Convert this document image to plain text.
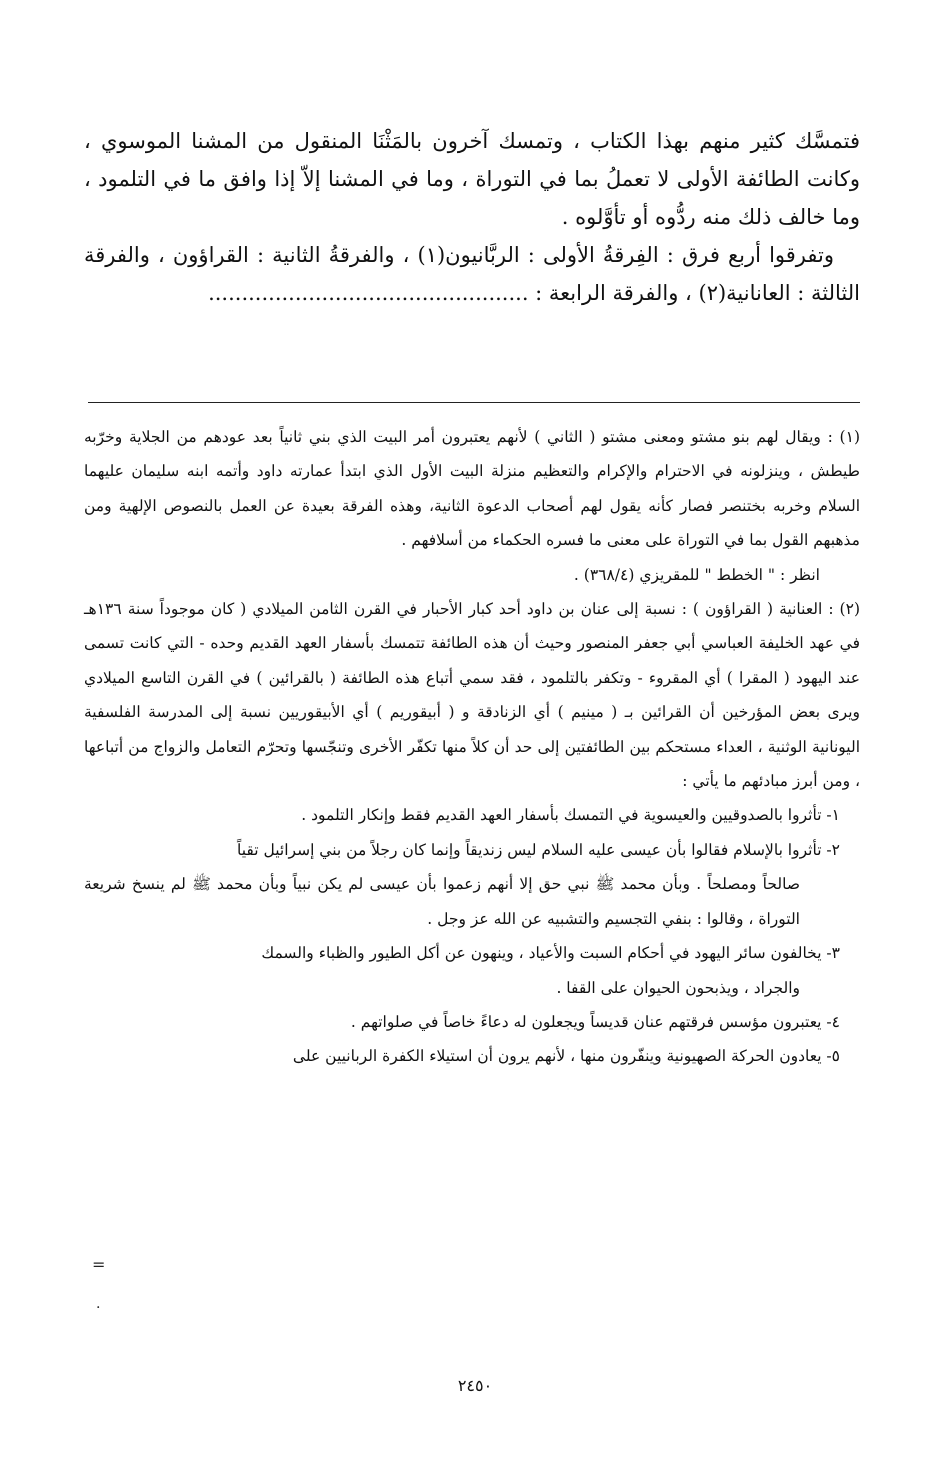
فتمسَّك كثير منهم بهذا الكتاب ، وتمسك آخرون بالمَثْنَا المنقول من المشنا الموسوي ، وكانت الطائفة الأولى لا تعملُ بما في التوراة ، وما في المشنا إلاّ إذا وافق ما في التلمود ، وما خالف ذلك منه ردُّوه أو تأوَّلوه .

وتفرقوا أربع فرق : الفِرقةُ الأولى : الربَّانيون(١) ، والفرقةُ الثانية : القراؤون ، والفرقة الثالثة : العانانية(٢) ، والفرقة الرابعة : ................................................

(١) : ويقال لهم بنو مشتو ومعنى مشتو ( الثاني ) لأنهم يعتبرون أمر البيت الذي بني ثانياً بعد عودهم من الجلاية وخرّبه طيطش ، وينزلونه في الاحترام والإكرام والتعظيم منزلة البيت الأول الذي ابتدأ عمارته داود وأتمه ابنه سليمان عليهما السلام وخربه بختنصر فصار كأنه يقول لهم أصحاب الدعوة الثانية، وهذه الفرقة بعيدة عن العمل بالنصوص الإلهية ومن مذهبهم القول بما في التوراة على معنى ما فسره الحكماء من أسلافهم .

انظر : " الخطط " للمقريزي (٣٦٨/٤) .

(٢) : العنانية ( القراؤون ) : نسبة إلى عنان بن داود أحد كبار الأحبار في القرن الثامن الميلادي ( كان موجوداً سنة ١٣٦هـ في عهد الخليفة العباسي أبي جعفر المنصور وحيث أن هذه الطائفة تتمسك بأسفار العهد القديم وحده - التي كانت تسمى عند اليهود ( المقرا ) أي المقروء - وتكفر بالتلمود ، فقد سمي أتباع هذه الطائفة ( بالقرائين ) في القرن التاسع الميلادي ويرى بعض المؤرخين أن القرائين بـ ( مينيم ) أي الزنادقة و ( أبيقوريم ) أي الأبيقوريين نسبة إلى المدرسة الفلسفية اليونانية الوثنية ، العداء مستحكم بين الطائفتين إلى حد أن كلاً منها تكفّر الأخرى وتنجّسها وتحرّم التعامل والزواج من أتباعها ، ومن أبرز مبادئهم ما يأتي :

١- تأثروا بالصدوقيين والعيسوية في التمسك بأسفار العهد القديم فقط وإنكار التلمود .

٢- تأثروا بالإسلام فقالوا بأن عيسى عليه السلام ليس زنديقاً وإنما كان رجلاً من بني إسرائيل تقياً

صالحاً ومصلحاً . وبأن محمد ﷺ نبي حق إلا أنهم زعموا بأن عيسى لم يكن نبياً وبأن محمد ﷺ لم ينسخ شريعة التوراة ، وقالوا : بنفي التجسيم والتشبيه عن الله عز وجل .

٣- يخالفون سائر اليهود في أحكام السبت والأعياد ، وينهون عن أكل الطيور والظباء والسمك

والجراد ، ويذبحون الحيوان على القفا .

٤- يعتبرون مؤسس فرقتهم عنان قديساً ويجعلون له دعاءً خاصاً في صلواتهم .

٥- يعادون الحركة الصهيونية وينفّرون منها ، لأنهم يرون أن استيلاء الكفرة الربانيين على

=
.
٢٤٥٠
